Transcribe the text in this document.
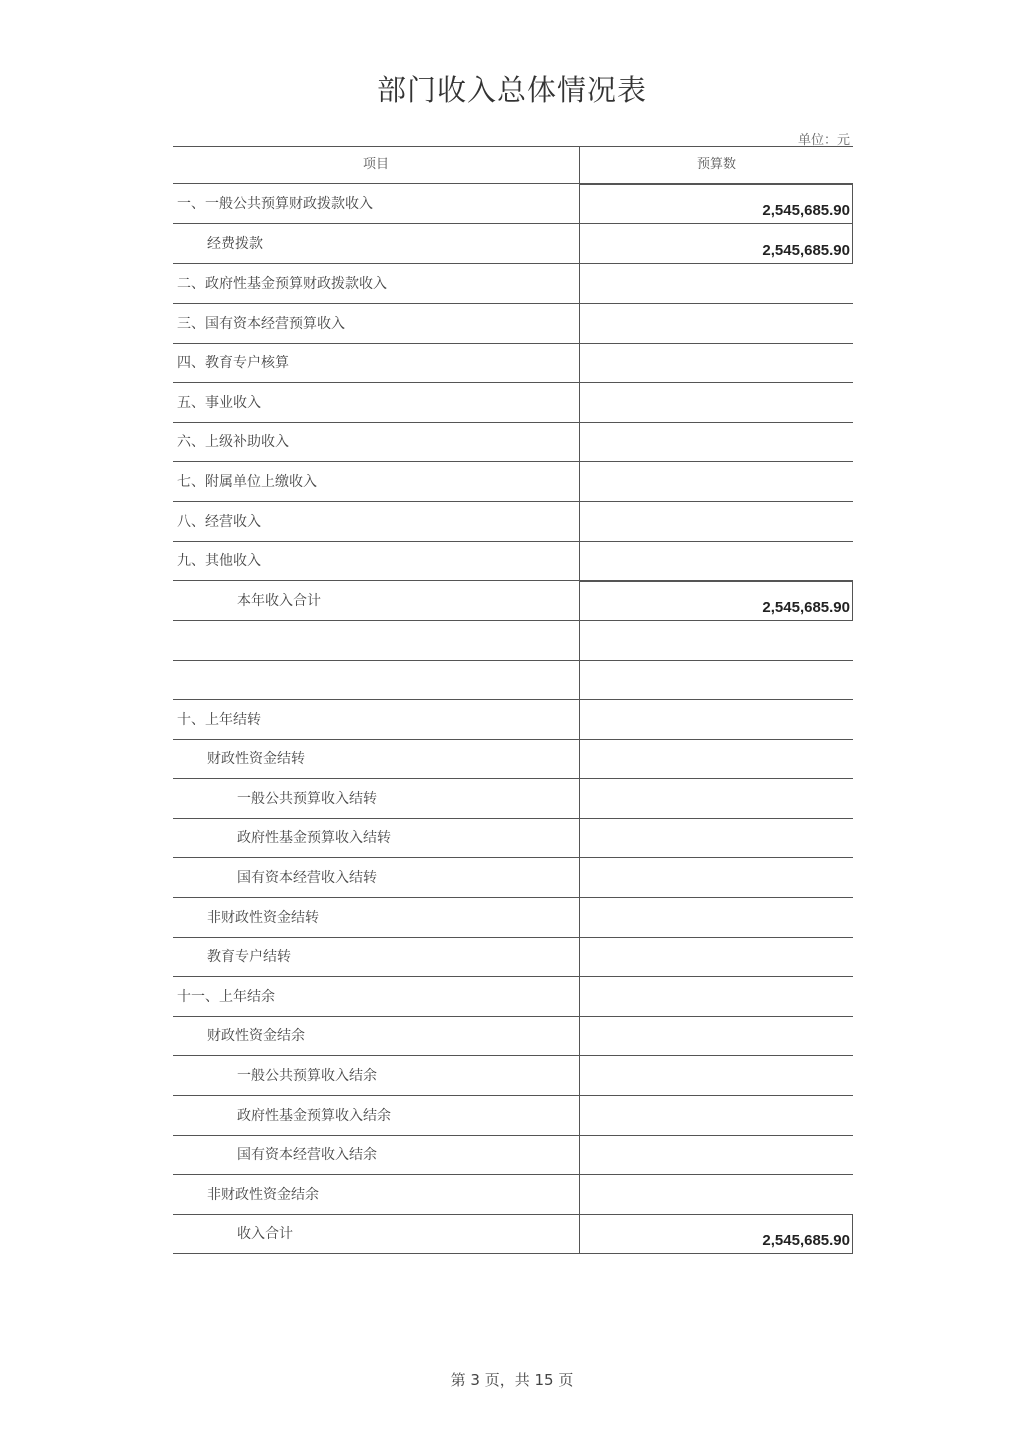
部门收入总体情况表
单位：元
项目	预算数
一、一般公共预算财政拨款收入	2,545,685.90
经费拨款	2,545,685.90
二、政府性基金预算财政拨款收入
三、国有资本经营预算收入
四、教育专户核算
五、事业收入
六、上级补助收入
七、附属单位上缴收入
八、经营收入
九、其他收入
本年收入合计	2,545,685.90
十、上年结转
财政性资金结转
一般公共预算收入结转
政府性基金预算收入结转
国有资本经营收入结转
非财政性资金结转
教育专户结转
十一、上年结余
财政性资金结余
一般公共预算收入结余
政府性基金预算收入结余
国有资本经营收入结余
非财政性资金结余
收入合计	2,545,685.90
第 3 页，共 15 页
